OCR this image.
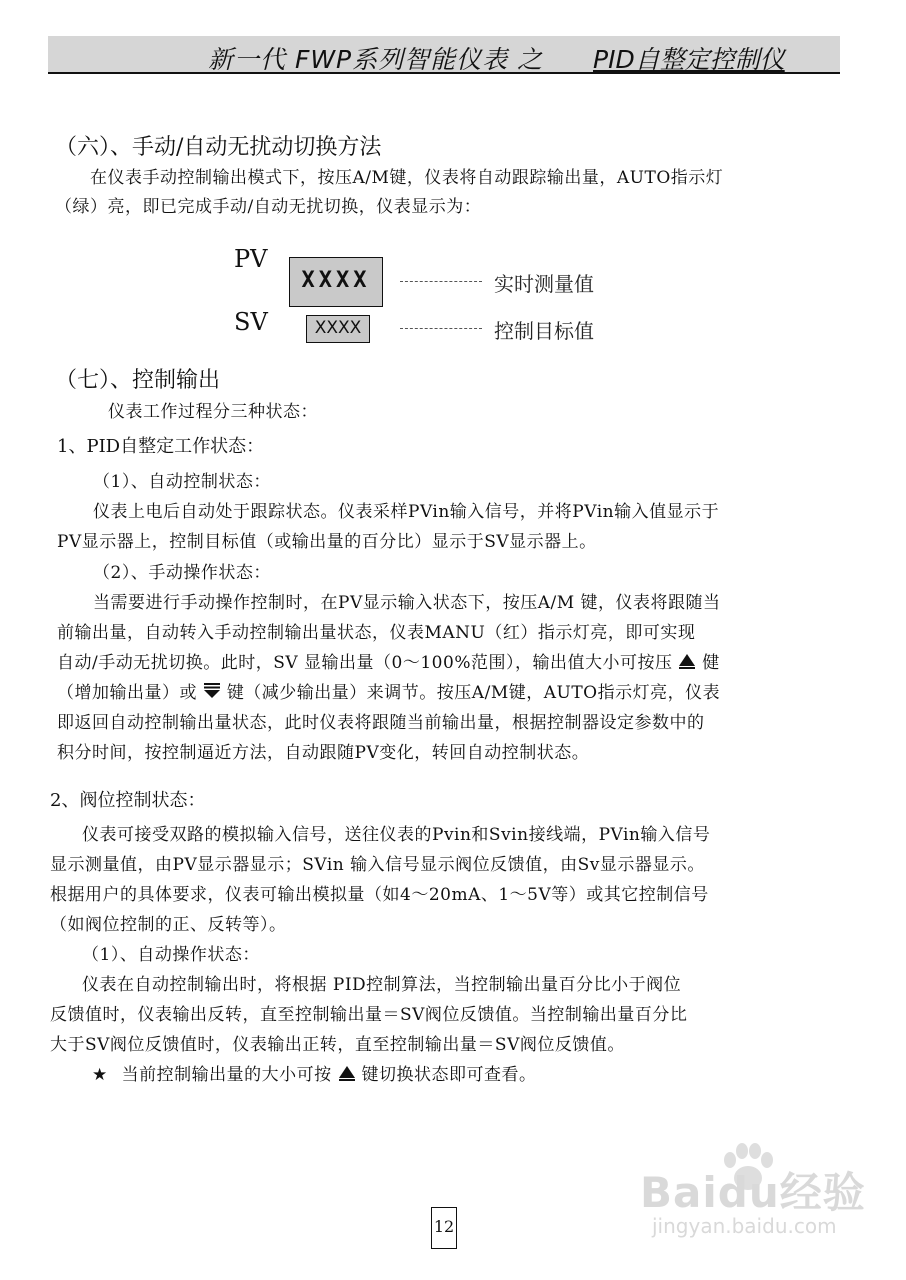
新一代 FWP系列智能仪表 之 PID自整定控制仪
（六）、手动/自动无扰动切换方法
在仪表手动控制输出模式下，按压A/M键，仪表将自动跟踪输出量，AUTO指示灯
（绿）亮，即已完成手动/自动无扰切换，仪表显示为：
PV
XXXX	实时测量值
SV	XXXX	控制目标值
（七）、控制输出
仪表工作过程分三种状态：
1、PID自整定工作状态：
（1）、自动控制状态：
仪表上电后自动处于跟踪状态。仪表采样PVin输入信号，并将PVin输入值显示于
PV显示器上，控制目标值（或输出量的百分比）显示于SV显示器上。
（2）、手动操作状态：
当需要进行手动操作控制时，在PV显示输入状态下，按压A/M 键，仪表将跟随当
前输出量，自动转入手动控制输出量状态，仪表MANU（红）指示灯亮，即可实现
自动/手动无扰切换。此时，SV 显输出量（0～100%范围），输出值大小可按压 健
（增加输出量）或 键（减少输出量）来调节。按压A/M键，AUTO指示灯亮，仪表
即返回自动控制输出量状态，此时仪表将跟随当前输出量，根据控制器设定参数中的
积分时间，按控制逼近方法，自动跟随PV变化，转回自动控制状态。
2、阀位控制状态：
仪表可接受双路的模拟输入信号，送往仪表的Pvin和Svin接线端，PVin输入信号
显示测量值，由PV显示器显示；SVin 输入信号显示阀位反馈值，由Sv显示器显示。
根据用户的具体要求，仪表可输出模拟量（如4～20mA、1～5V等）或其它控制信号
（如阀位控制的正、反转等）。
（1）、自动操作状态：
仪表在自动控制输出时，将根据 PID控制算法，当控制输出量百分比小于阀位
反馈值时，仪表输出反转，直至控制输出量＝SV阀位反馈值。当控制输出量百分比
大于SV阀位反馈值时，仪表输出正转，直至控制输出量＝SV阀位反馈值。
★ 当前控制输出量的大小可按 键切换状态即可查看。
Baidu经验
jingyan.baidu.com
12
